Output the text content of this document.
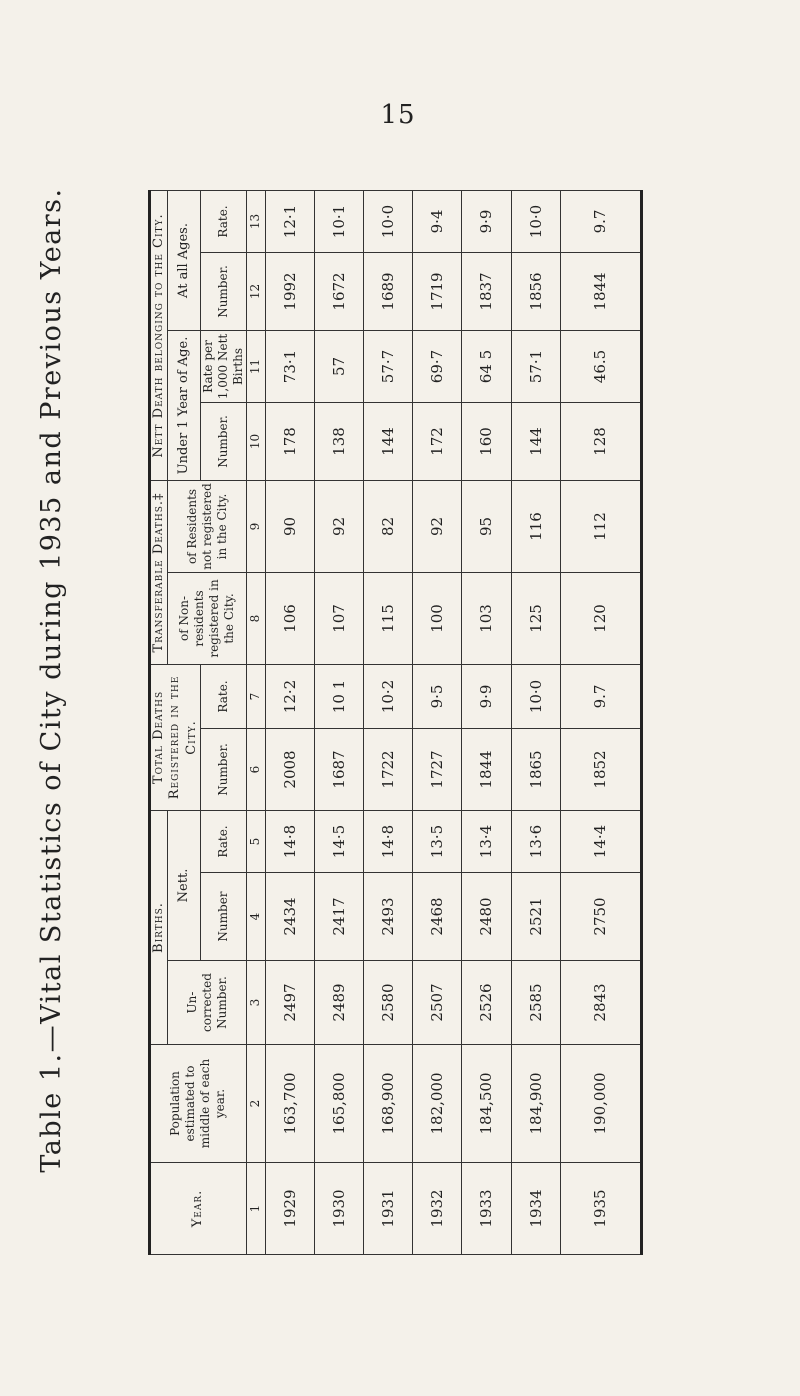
15
Table 1.—Vital Statistics of City during 1935 and Previous Years.
Year.	Population estimated to middle of each year.	Births.			Total Deaths Registered in the City.		Transferable Deaths.‡		Nett Death belonging to the City.			
		Un-corrected Number.	Nett.				of Non-residents registered in the City.	of Residents not registered in the City.	Under 1 Year of Age.		At all Ages.	
			Number	Rate.	Number.	Rate.			Number.	Rate per 1,000 Nett Births	Number.	Rate.
1	2	3	4	5	6	7	8	9	10	11	12	13
1929	163,700	2497	2434	14·8	2008	12·2	106	90	178	73·1	1992	12·1
1930	165,800	2489	2417	14·5	1687	10 1	107	92	138	57	1672	10·1
1931	168,900	2580	2493	14·8	1722	10·2	115	82	144	57·7	1689	10·0
1932	182,000	2507	2468	13·5	1727	9·5	100	92	172	69·7	1719	9·4
1933	184,500	2526	2480	13·4	1844	9·9	103	95	160	64 5	1837	9·9
1934	184,900	2585	2521	13·6	1865	10·0	125	116	144	57·1	1856	10·0
1935	190,000	2843	2750	14·4	1852	9.7	120	112	128	46.5	1844	9.7
